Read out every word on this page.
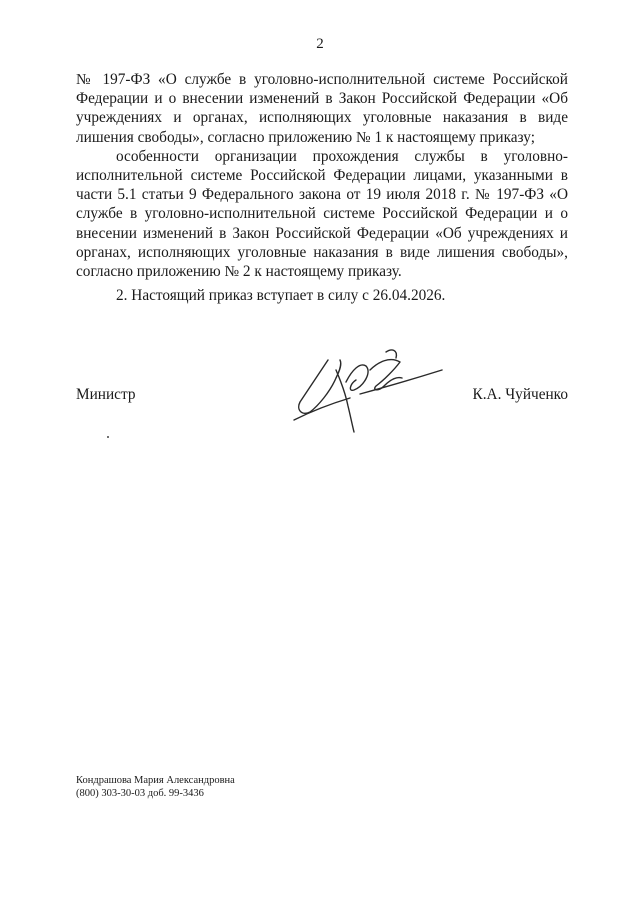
2

№ 197-ФЗ «О службе в уголовно-исполнительной системе Российской Федерации и о внесении изменений в Закон Российской Федерации «Об учреждениях и органах, исполняющих уголовные наказания в виде лишения свободы», согласно приложению № 1 к настоящему приказу;

особенности организации прохождения службы в уголовно-исполнительной системе Российской Федерации лицами, указанными в части 5.1 статьи 9 Федерального закона от 19 июля 2018 г. № 197-ФЗ «О службе в уголовно-исполнительной системе Российской Федерации и о внесении изменений в Закон Российской Федерации «Об учреждениях и органах, исполняющих уголовные наказания в виде лишения свободы», согласно приложению № 2 к настоящему приказу.

2. Настоящий приказ вступает в силу с 26.04.2026.

Министр	К.А. Чуйченко
Кондрашова Мария Александровна
(800) 303-30-03 доб. 99-3436
